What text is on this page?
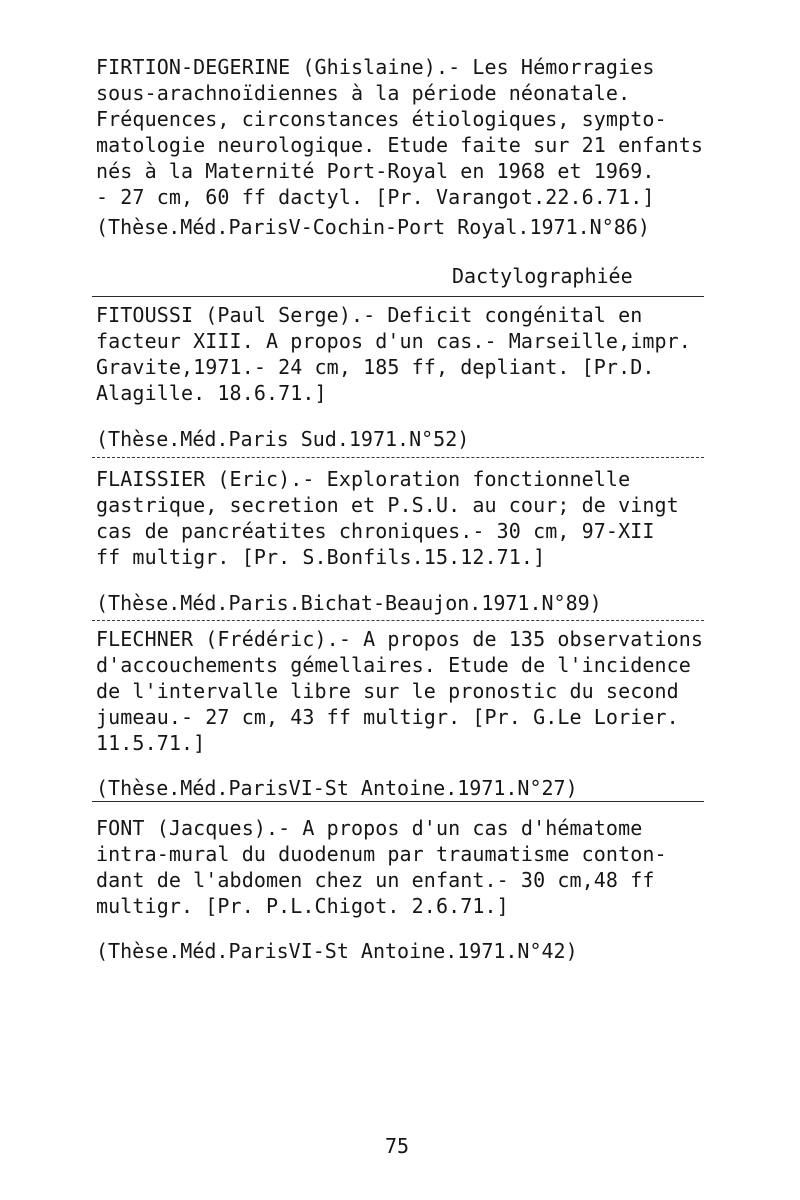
FIRTION-DEGERINE (Ghislaine).- Les Hémorragies

sous-arachnoïdiennes à la période néonatale.

Fréquences, circonstances étiologiques, sympto-

matologie neurologique. Etude faite sur 21 enfants

nés à la Maternité Port-Royal en 1968 et 1969.

- 27 cm, 60 ff dactyl. [Pr. Varangot.22.6.71.]

(Thèse.Méd.ParisV-Cochin-Port Royal.1971.N°86)
Dactylographiée

FITOUSSI (Paul Serge).- Deficit congénital en

facteur XIII. A propos d'un cas.- Marseille,impr.

Gravite,1971.- 24 cm, 185 ff, depliant. [Pr.D.

Alagille. 18.6.71.]

(Thèse.Méd.Paris Sud.1971.N°52)

FLAISSIER (Eric).- Exploration fonctionnelle

gastrique, secretion et P.S.U. au cour; de vingt

cas de pancréatites chroniques.- 30 cm, 97-XII

ff multigr. [Pr. S.Bonfils.15.12.71.]

(Thèse.Méd.Paris.Bichat-Beaujon.1971.N°89)

FLECHNER (Frédéric).- A propos de 135 observations

d'accouchements gémellaires. Etude de l'incidence

de l'intervalle libre sur le pronostic du second

jumeau.- 27 cm, 43 ff multigr. [Pr. G.Le Lorier.

11.5.71.]

(Thèse.Méd.ParisVI-St Antoine.1971.N°27)

FONT (Jacques).- A propos d'un cas d'hématome

intra-mural du duodenum par traumatisme conton-

dant de l'abdomen chez un enfant.- 30 cm,48 ff

multigr. [Pr. P.L.Chigot. 2.6.71.]

(Thèse.Méd.ParisVI-St Antoine.1971.N°42)
75
